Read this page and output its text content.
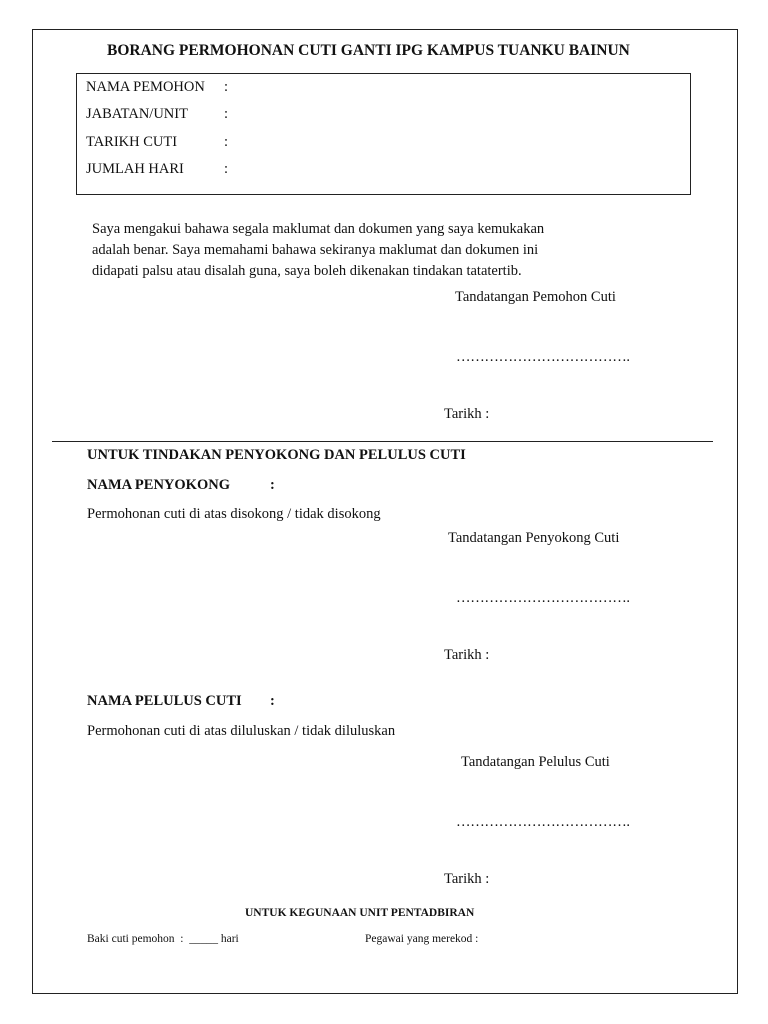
BORANG PERMOHONAN CUTI GANTI IPG KAMPUS TUANKU BAINUN
NAMA PEMOHON :
JABATAN/UNIT :
TARIKH CUTI	:
JUMLAH HARI	:
Saya mengakui bahawa segala maklumat dan dokumen yang saya kemukakan
adalah benar. Saya memahami bahawa sekiranya maklumat dan dokumen ini
didapati palsu atau disalah guna, saya boleh dikenakan tindakan tatatertib.
Tandatangan Pemohon Cuti
……………………………….
Tarikh :
UNTUK TINDAKAN PENYOKONG DAN PELULUS CUTI
NAMA PENYOKONG	:
Permohonan cuti di atas disokong / tidak disokong
Tandatangan Penyokong Cuti
……………………………….
Tarikh :
NAMA PELULUS CUTI :
Permohonan cuti di atas diluluskan / tidak diluluskan
Tandatangan Pelulus Cuti
……………………………….
Tarikh :
UNTUK KEGUNAAN UNIT PENTADBIRAN
Baki cuti pemohon  :  _____ hari	Pegawai yang merekod :
